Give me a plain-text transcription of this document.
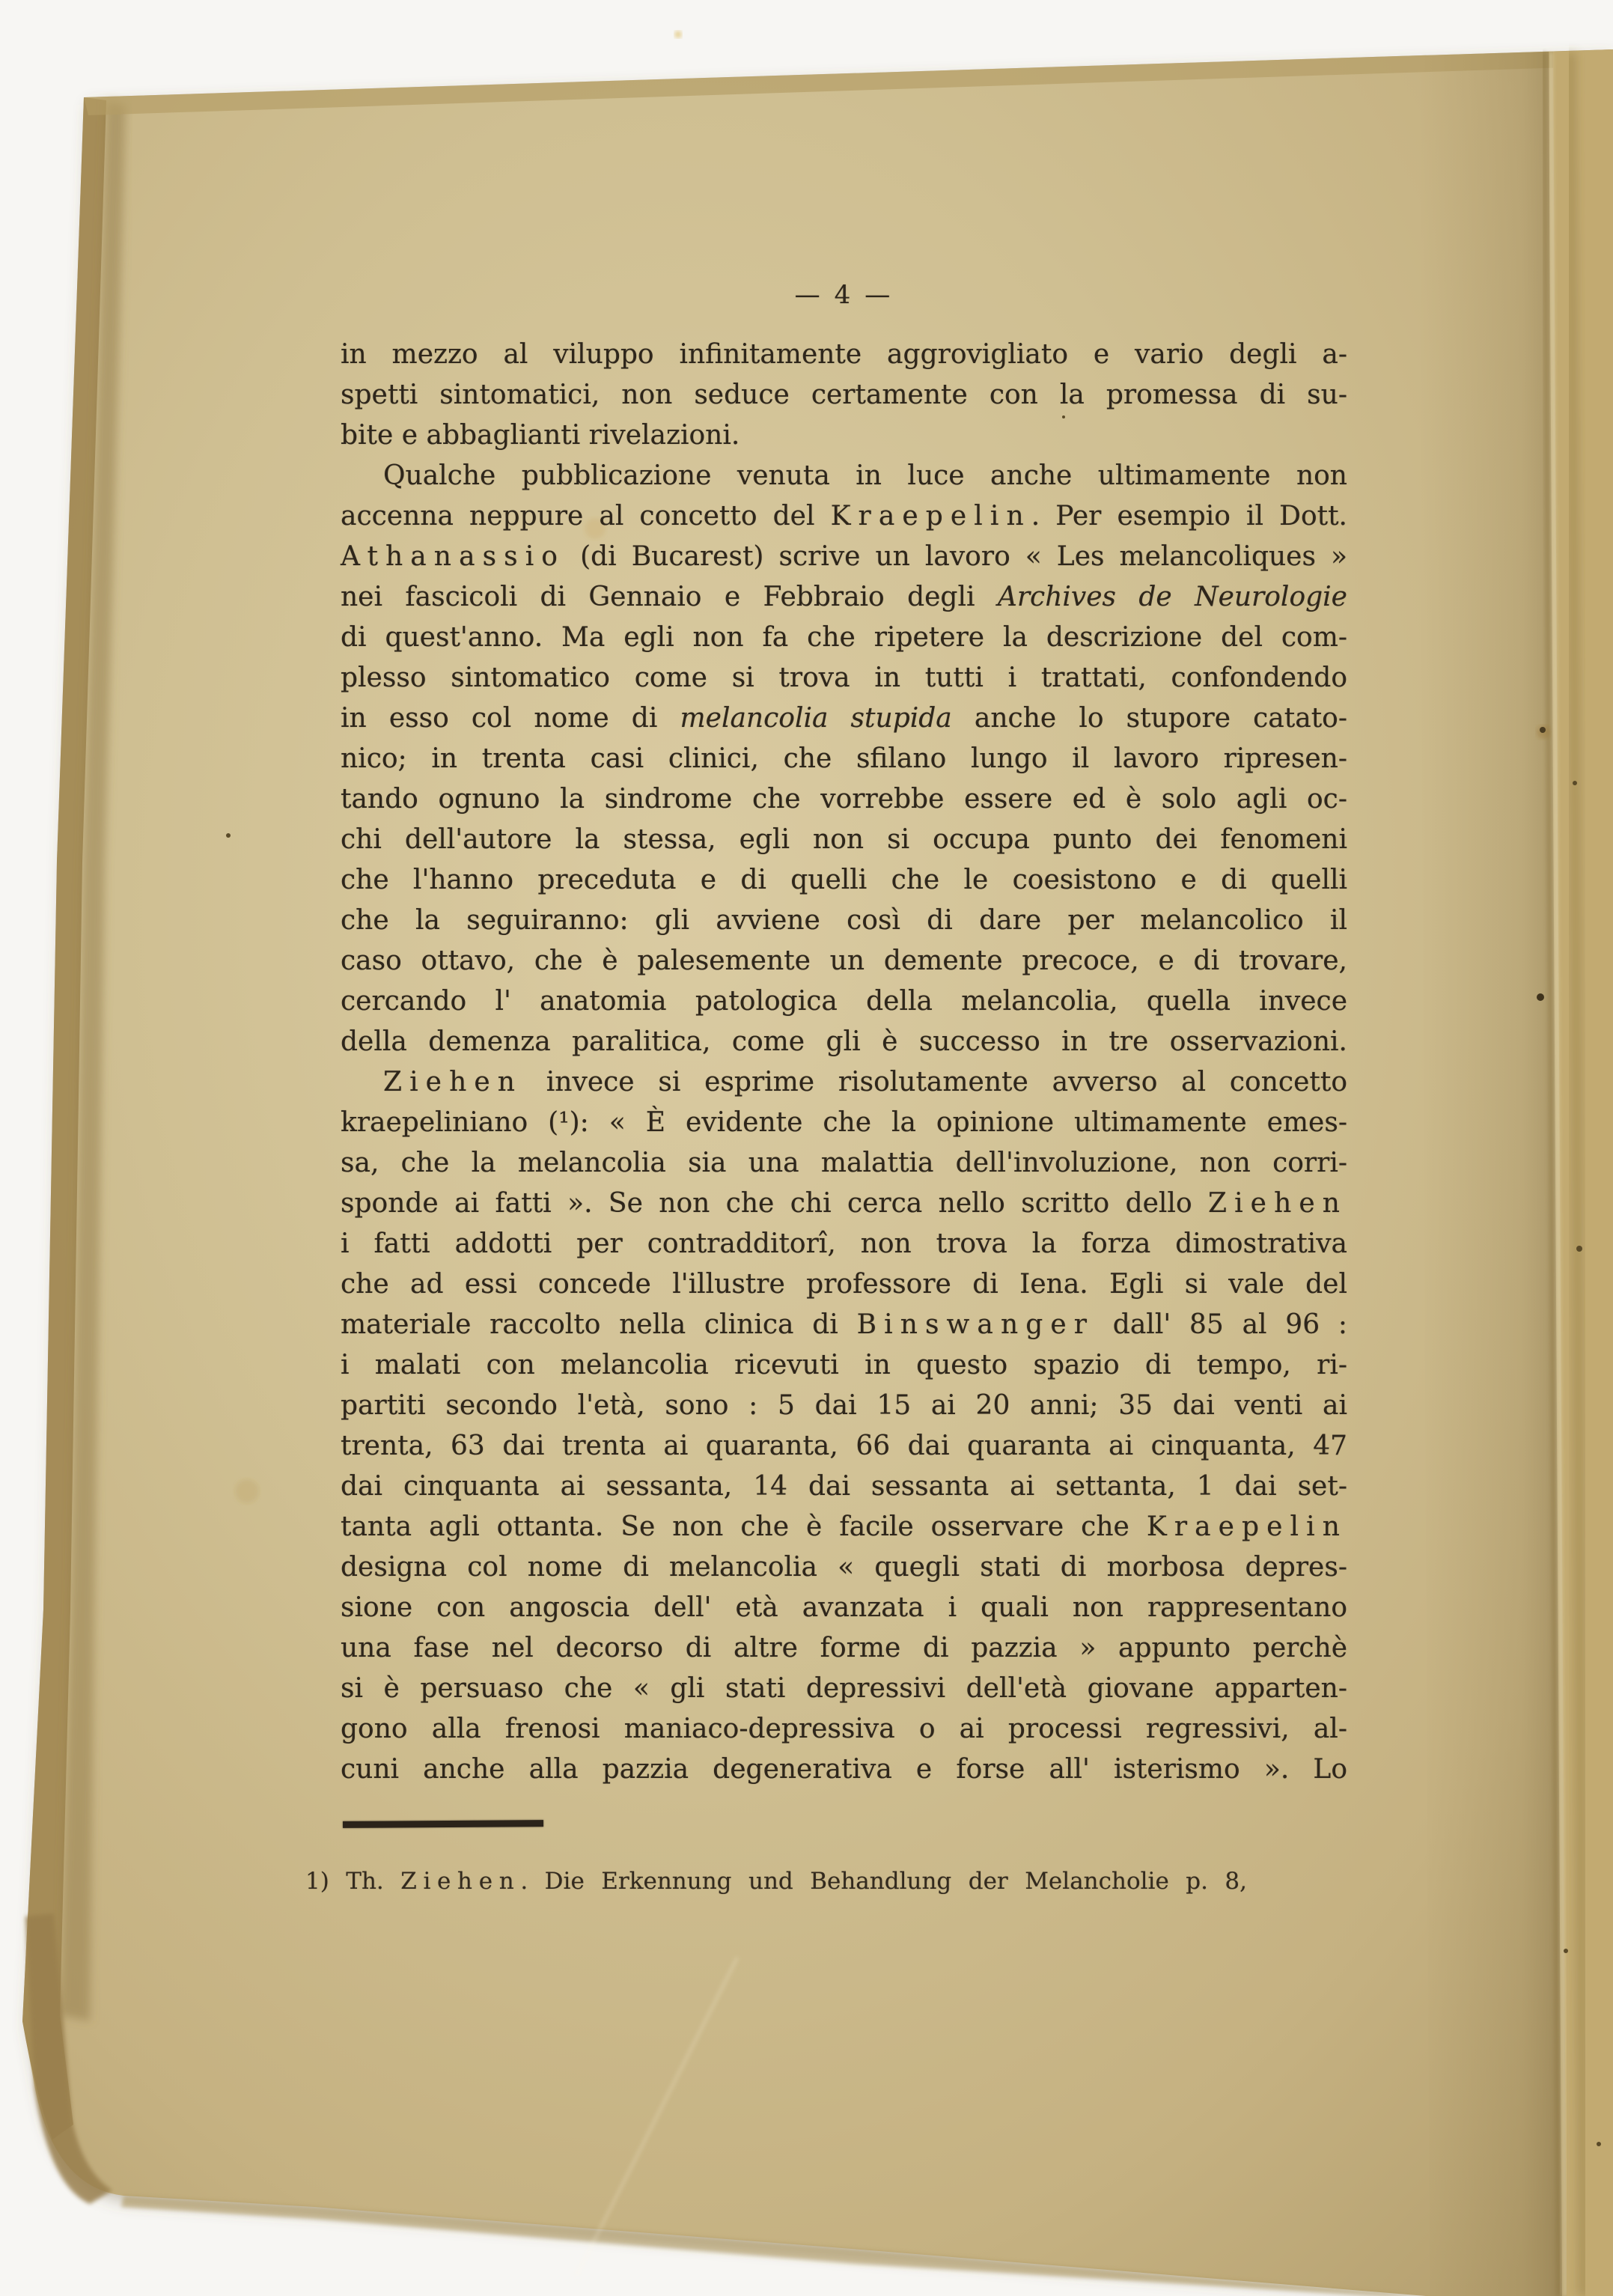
— 4 —
in mezzo al viluppo infinitamente aggrovigliato e vario degli a-
spetti sintomatici, non seduce certamente con la promessa di su-
bite e abbaglianti rivelazioni.
Qualche pubblicazione venuta in luce anche ultimamente non
accenna neppure al concetto del Kraepelin. Per esempio il Dott.
Athanassio (di Bucarest) scrive un lavoro « Les melancoliques »
nei fascicoli di Gennaio e Febbraio degli Archives de Neurologie
di quest'anno. Ma egli non fa che ripetere la descrizione del com-
plesso sintomatico come si trova in tutti i trattati, confondendo
in esso col nome di melancolia stupida anche lo stupore catato-
nico; in trenta casi clinici, che sfilano lungo il lavoro ripresen-
tando ognuno la sindrome che vorrebbe essere ed è solo agli oc-
chi dell'autore la stessa, egli non si occupa punto dei fenomeni
che l'hanno preceduta e di quelli che le coesistono e di quelli
che la seguiranno: gli avviene così di dare per melancolico il
caso ottavo, che è palesemente un demente precoce, e di trovare,
cercando l' anatomia patologica della melancolia, quella invece
della demenza paralitica, come gli è successo in tre osservazioni.
Ziehen invece si esprime risolutamente avverso al concetto
kraepeliniano (¹): « È evidente che la opinione ultimamente emes-
sa, che la melancolia sia una malattia dell'involuzione, non corri-
sponde ai fatti ». Se non che chi cerca nello scritto dello Ziehen
i fatti addotti per contradditorî, non trova la forza dimostrativa
che ad essi concede l'illustre professore di Iena. Egli si vale del
materiale raccolto nella clinica di Binswanger dall' 85 al 96 :
i malati con melancolia ricevuti in questo spazio di tempo, ri-
partiti secondo l'età, sono : 5 dai 15 ai 20 anni; 35 dai venti ai
trenta, 63 dai trenta ai quaranta, 66 dai quaranta ai cinquanta, 47
dai cinquanta ai sessanta, 14 dai sessanta ai settanta, 1 dai set-
tanta agli ottanta. Se non che è facile osservare che Kraepelin
designa col nome di melancolia « quegli stati di morbosa depres-
sione con angoscia dell' età avanzata i quali non rappresentano
una fase nel decorso di altre forme di pazzia » appunto perchè
si è persuaso che « gli stati depressivi dell'età giovane apparten-
gono alla frenosi maniaco-depressiva o ai processi regressivi, al-
cuni anche alla pazzia degenerativa e forse all' isterismo ». Lo
1) Th. Ziehen. Die Erkennung und Behandlung der Melancholie p. 8,
